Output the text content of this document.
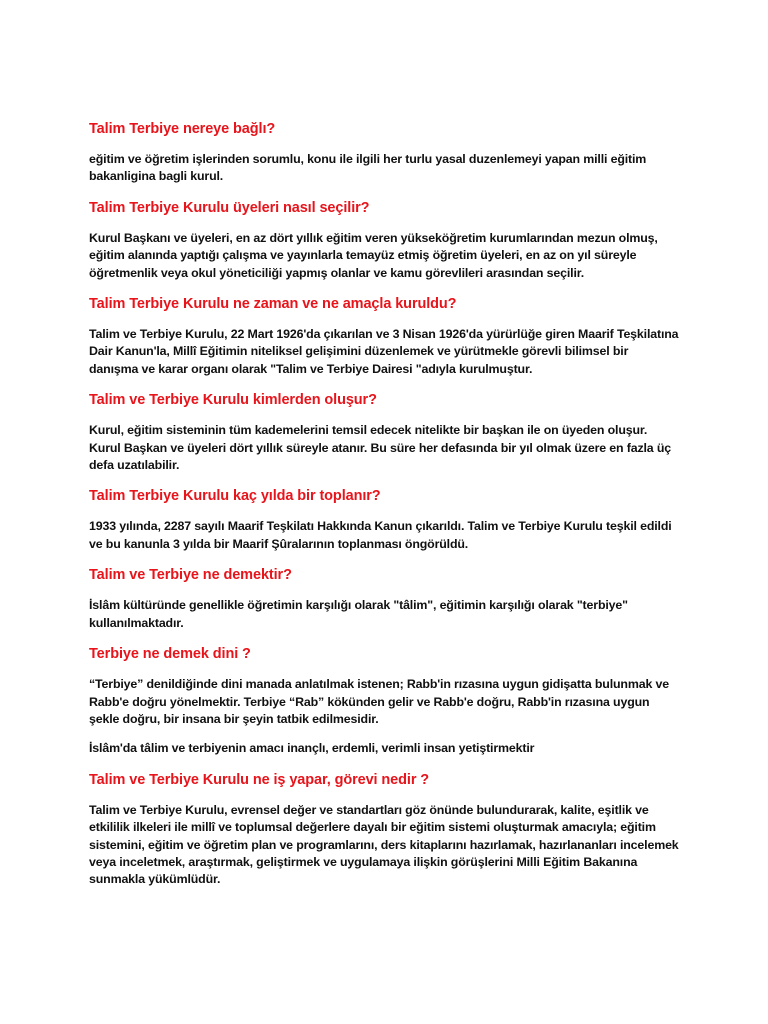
Talim Terbiye nereye bağlı?

eğitim ve öğretim işlerinden sorumlu, konu ile ilgili her turlu yasal duzenlemeyi yapan milli eğitim bakanligina bagli kurul.

Talim Terbiye Kurulu üyeleri nasıl seçilir?

Kurul Başkanı ve üyeleri, en az dört yıllık eğitim veren yükseköğretim kurumlarından mezun olmuş, eğitim alanında yaptığı çalışma ve yayınlarla temayüz etmiş öğretim üyeleri, en az on yıl süreyle öğretmenlik veya okul yöneticiliği yapmış olanlar ve kamu görevlileri arasından seçilir.

Talim Terbiye Kurulu ne zaman ve ne amaçla kuruldu?

Talim ve Terbiye Kurulu, 22 Mart 1926'da çıkarılan ve 3 Nisan 1926'da yürürlüğe giren Maarif Teşkilatına Dair Kanun'la, Millî Eğitimin niteliksel gelişimini düzenlemek ve yürütmekle görevli bilimsel bir danışma ve karar organı olarak "Talim ve Terbiye Dairesi "adıyla kurulmuştur.

Talim ve Terbiye Kurulu kimlerden oluşur?

Kurul, eğitim sisteminin tüm kademelerini temsil edecek nitelikte bir başkan ile on üyeden oluşur. Kurul Başkan ve üyeleri dört yıllık süreyle atanır. Bu süre her defasında bir yıl olmak üzere en fazla üç defa uzatılabilir.

Talim Terbiye Kurulu kaç yılda bir toplanır?

1933 yılında, 2287 sayılı Maarif Teşkilatı Hakkında Kanun çıkarıldı. Talim ve Terbiye Kurulu teşkil edildi ve bu kanunla 3 yılda bir Maarif Şûralarının toplanması öngörüldü.

Talim ve Terbiye ne demektir?

İslâm kültüründe genellikle öğretimin karşılığı olarak "tâlim", eğitimin karşılığı olarak "terbiye" kullanılmaktadır.

Terbiye ne demek dini ?

“Terbiye” denildiğinde dini manada anlatılmak istenen; Rabb'in rızasına uygun gidişatta bulunmak ve Rabb'e doğru yönelmektir. Terbiye “Rab” kökünden gelir ve Rabb'e doğru, Rabb'in rızasına uygun şekle doğru, bir insana bir şeyin tatbik edilmesidir.

İslâm'da tâlim ve terbiyenin amacı inançlı, erdemli, verimli insan yetiştirmektir

Talim ve Terbiye Kurulu ne iş yapar, görevi nedir ?

Talim ve Terbiye Kurulu, evrensel değer ve standartları göz önünde bulundurarak, kalite, eşitlik ve etkililik ilkeleri ile millî ve toplumsal değerlere dayalı bir eğitim sistemi oluşturmak amacıyla; eğitim sistemini, eğitim ve öğretim plan ve programlarını, ders kitaplarını hazırlamak, hazırlananları incelemek veya inceletmek, araştırmak, geliştirmek ve uygulamaya ilişkin görüşlerini Milli Eğitim Bakanına sunmakla yükümlüdür.
